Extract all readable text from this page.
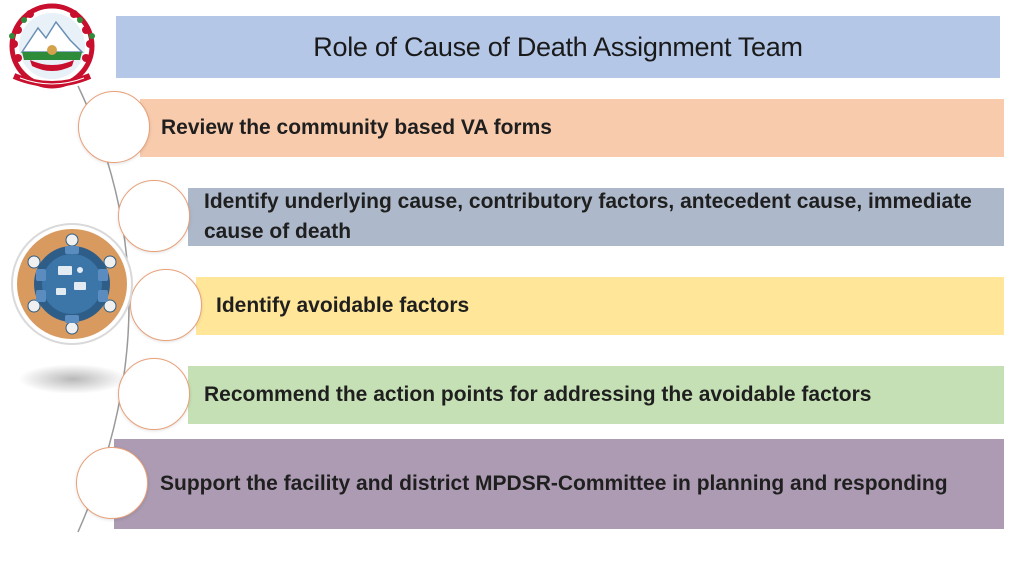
Role of Cause of Death Assignment Team
Review the community based VA forms
Identify underlying cause, contributory factors, antecedent cause, immediate cause of death
Identify avoidable factors
Recommend the action points for addressing the avoidable factors
Support the facility and district MPDSR-Committee in planning and responding
